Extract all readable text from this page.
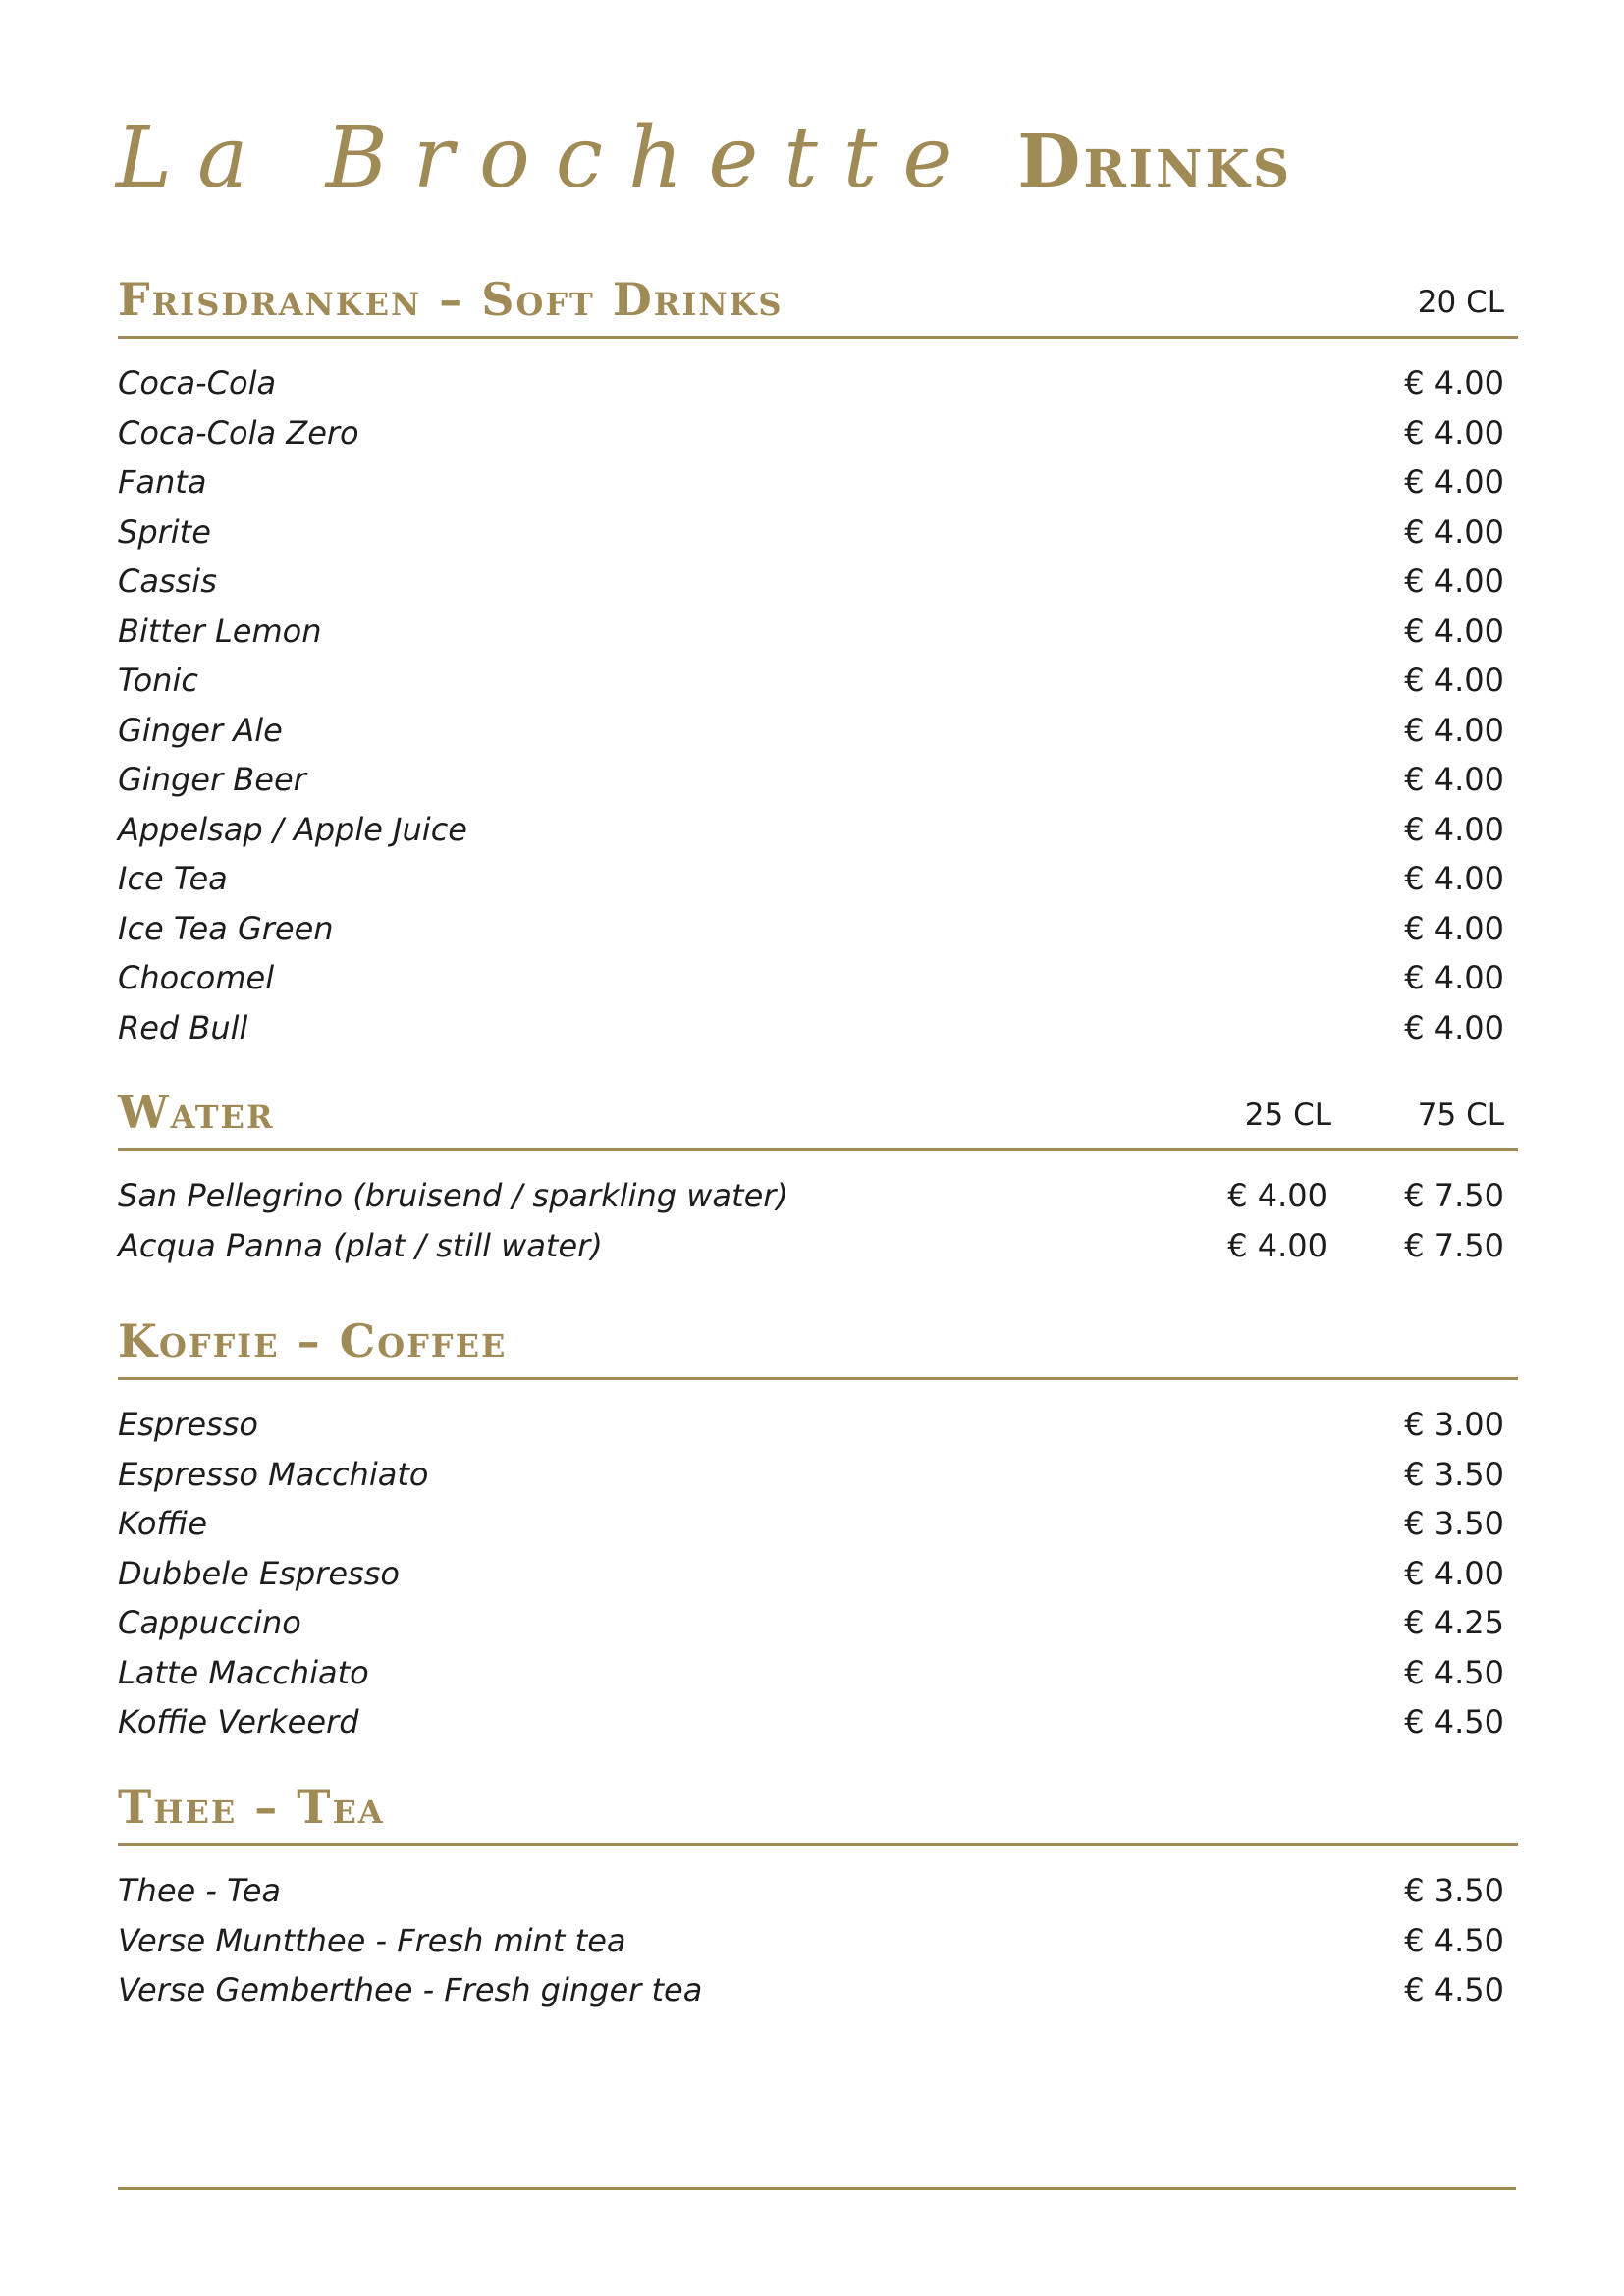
La Brochette Drinks
Frisdranken – Soft Drinks	20 CL
Coca-Cola	€ 4.00
Coca-Cola Zero	€ 4.00
Fanta	€ 4.00
Sprite	€ 4.00
Cassis	€ 4.00
Bitter Lemon	€ 4.00
Tonic	€ 4.00
Ginger Ale	€ 4.00
Ginger Beer	€ 4.00
Appelsap / Apple Juice	€ 4.00
Ice Tea	€ 4.00
Ice Tea Green	€ 4.00
Chocomel	€ 4.00
Red Bull	€ 4.00
Water	25 CL	75 CL
San Pellegrino (bruisend / sparkling water)	€ 4.00 € 7.50
Acqua Panna (plat / still water)	€ 4.00 € 7.50
Koffie – Coffee
Espresso	€ 3.00
Espresso Macchiato	€ 3.50
Koffie	€ 3.50
Dubbele Espresso	€ 4.00
Cappuccino	€ 4.25
Latte Macchiato	€ 4.50
Koffie Verkeerd	€ 4.50
Thee – Tea
Thee - Tea	€ 3.50
Verse Muntthee - Fresh mint tea	€ 4.50
Verse Gemberthee - Fresh ginger tea	€ 4.50
